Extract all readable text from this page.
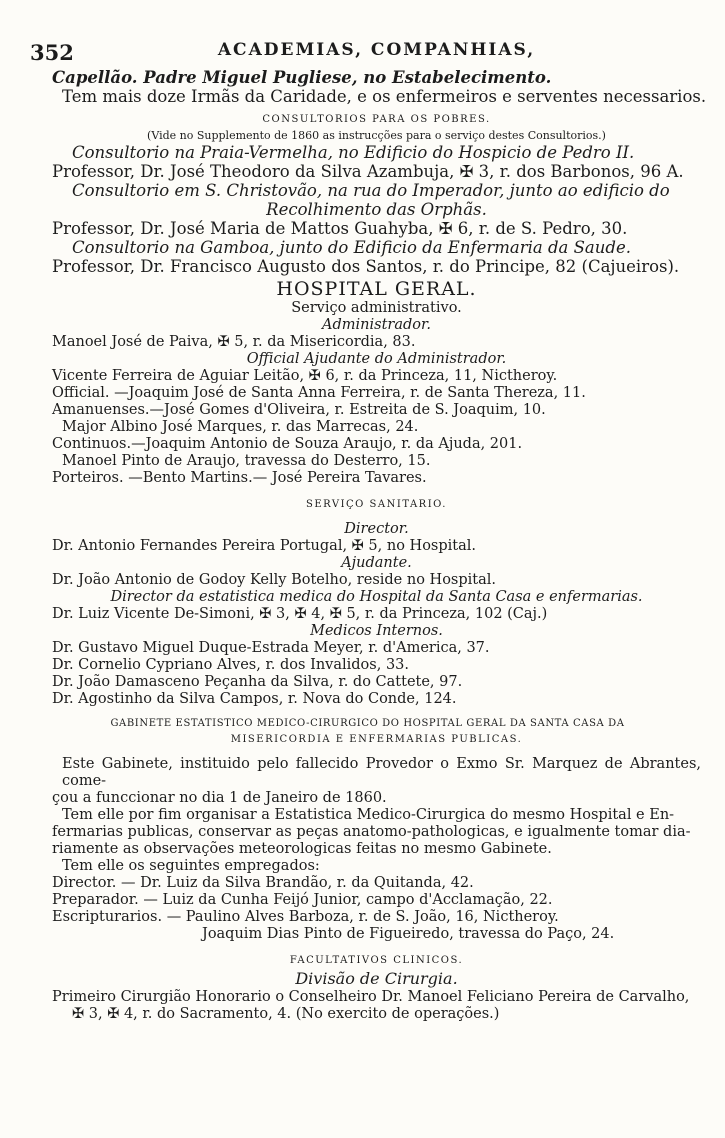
352	ACADEMIAS, COMPANHIAS,
Capellão. Padre Miguel Pugliese, no Estabelecimento.
Tem mais doze Irmãs da Caridade, e os enfermeiros e serventes necessarios.
CONSULTORIOS PARA OS POBRES.
(Vide no Supplemento de 1860 as instrucções para o serviço destes Consultorios.)
Consultorio na Praia-Vermelha, no Edificio do Hospicio de Pedro II.
Professor, Dr. José Theodoro da Silva Azambuja, ✠ 3, r. dos Barbonos, 96 A.
Consultorio em S. Christovão, na rua do Imperador, junto ao edificio do
Recolhimento das Orphãs.
Professor, Dr. José Maria de Mattos Guahyba, ✠ 6, r. de S. Pedro, 30.
Consultorio na Gamboa, junto do Edificio da Enfermaria da Saude.
Professor, Dr. Francisco Augusto dos Santos, r. do Principe, 82 (Cajueiros).
HOSPITAL GERAL.
Serviço administrativo.
Administrador.
Manoel José de Paiva, ✠ 5, r. da Misericordia, 83.
Official Ajudante do Administrador.
Vicente Ferreira de Aguiar Leitão, ✠ 6, r. da Princeza, 11, Nictheroy.
Official. —Joaquim José de Santa Anna Ferreira, r. de Santa Thereza, 11.
Amanuenses.—José Gomes d'Oliveira, r. Estreita de S. Joaquim, 10.
Major Albino José Marques, r. das Marrecas, 24.
Continuos.—Joaquim Antonio de Souza Araujo, r. da Ajuda, 201.
Manoel Pinto de Araujo, travessa do Desterro, 15.
Porteiros. —Bento Martins.— José Pereira Tavares.
SERVIÇO SANITARIO.
Director.
Dr. Antonio Fernandes Pereira Portugal, ✠ 5, no Hospital.
Ajudante.
Dr. João Antonio de Godoy Kelly Botelho, reside no Hospital.
Director da estatistica medica do Hospital da Santa Casa e enfermarias.
Dr. Luiz Vicente De-Simoni, ✠ 3, ✠ 4, ✠ 5, r. da Princeza, 102 (Caj.)
Medicos Internos.
Dr. Gustavo Miguel Duque-Estrada Meyer, r. d'America, 37.
Dr. Cornelio Cypriano Alves, r. dos Invalidos, 33.
Dr. João Damasceno Peçanha da Silva, r. do Cattete, 97.
Dr. Agostinho da Silva Campos, r. Nova do Conde, 124.
GABINETE ESTATISTICO MEDICO-CIRURGICO DO HOSPITAL GERAL DA SANTA CASA DA
MISERICORDIA E ENFERMARIAS PUBLICAS.
Este Gabinete, instituido pelo fallecido Provedor o Exmo Sr. Marquez de Abrantes, come-
çou a funccionar no dia 1 de Janeiro de 1860.
Tem elle por fim organisar a Estatistica Medico-Cirurgica do mesmo Hospital e En-
fermarias publicas, conservar as peças anatomo-pathologicas, e igualmente tomar dia-
riamente as observações meteorologicas feitas no mesmo Gabinete.
Tem elle os seguintes empregados:
Director. — Dr. Luiz da Silva Brandão, r. da Quitanda, 42.
Preparador. — Luiz da Cunha Feijó Junior, campo d'Acclamação, 22.
Escripturarios. — Paulino Alves Barboza, r. de S. João, 16, Nictheroy.
Joaquim Dias Pinto de Figueiredo, travessa do Paço, 24.
FACULTATIVOS CLINICOS.
Divisão de Cirurgia.
Primeiro Cirurgião Honorario o Conselheiro Dr. Manoel Feliciano Pereira de Carvalho,
✠ 3, ✠ 4, r. do Sacramento, 4. (No exercito de operações.)
